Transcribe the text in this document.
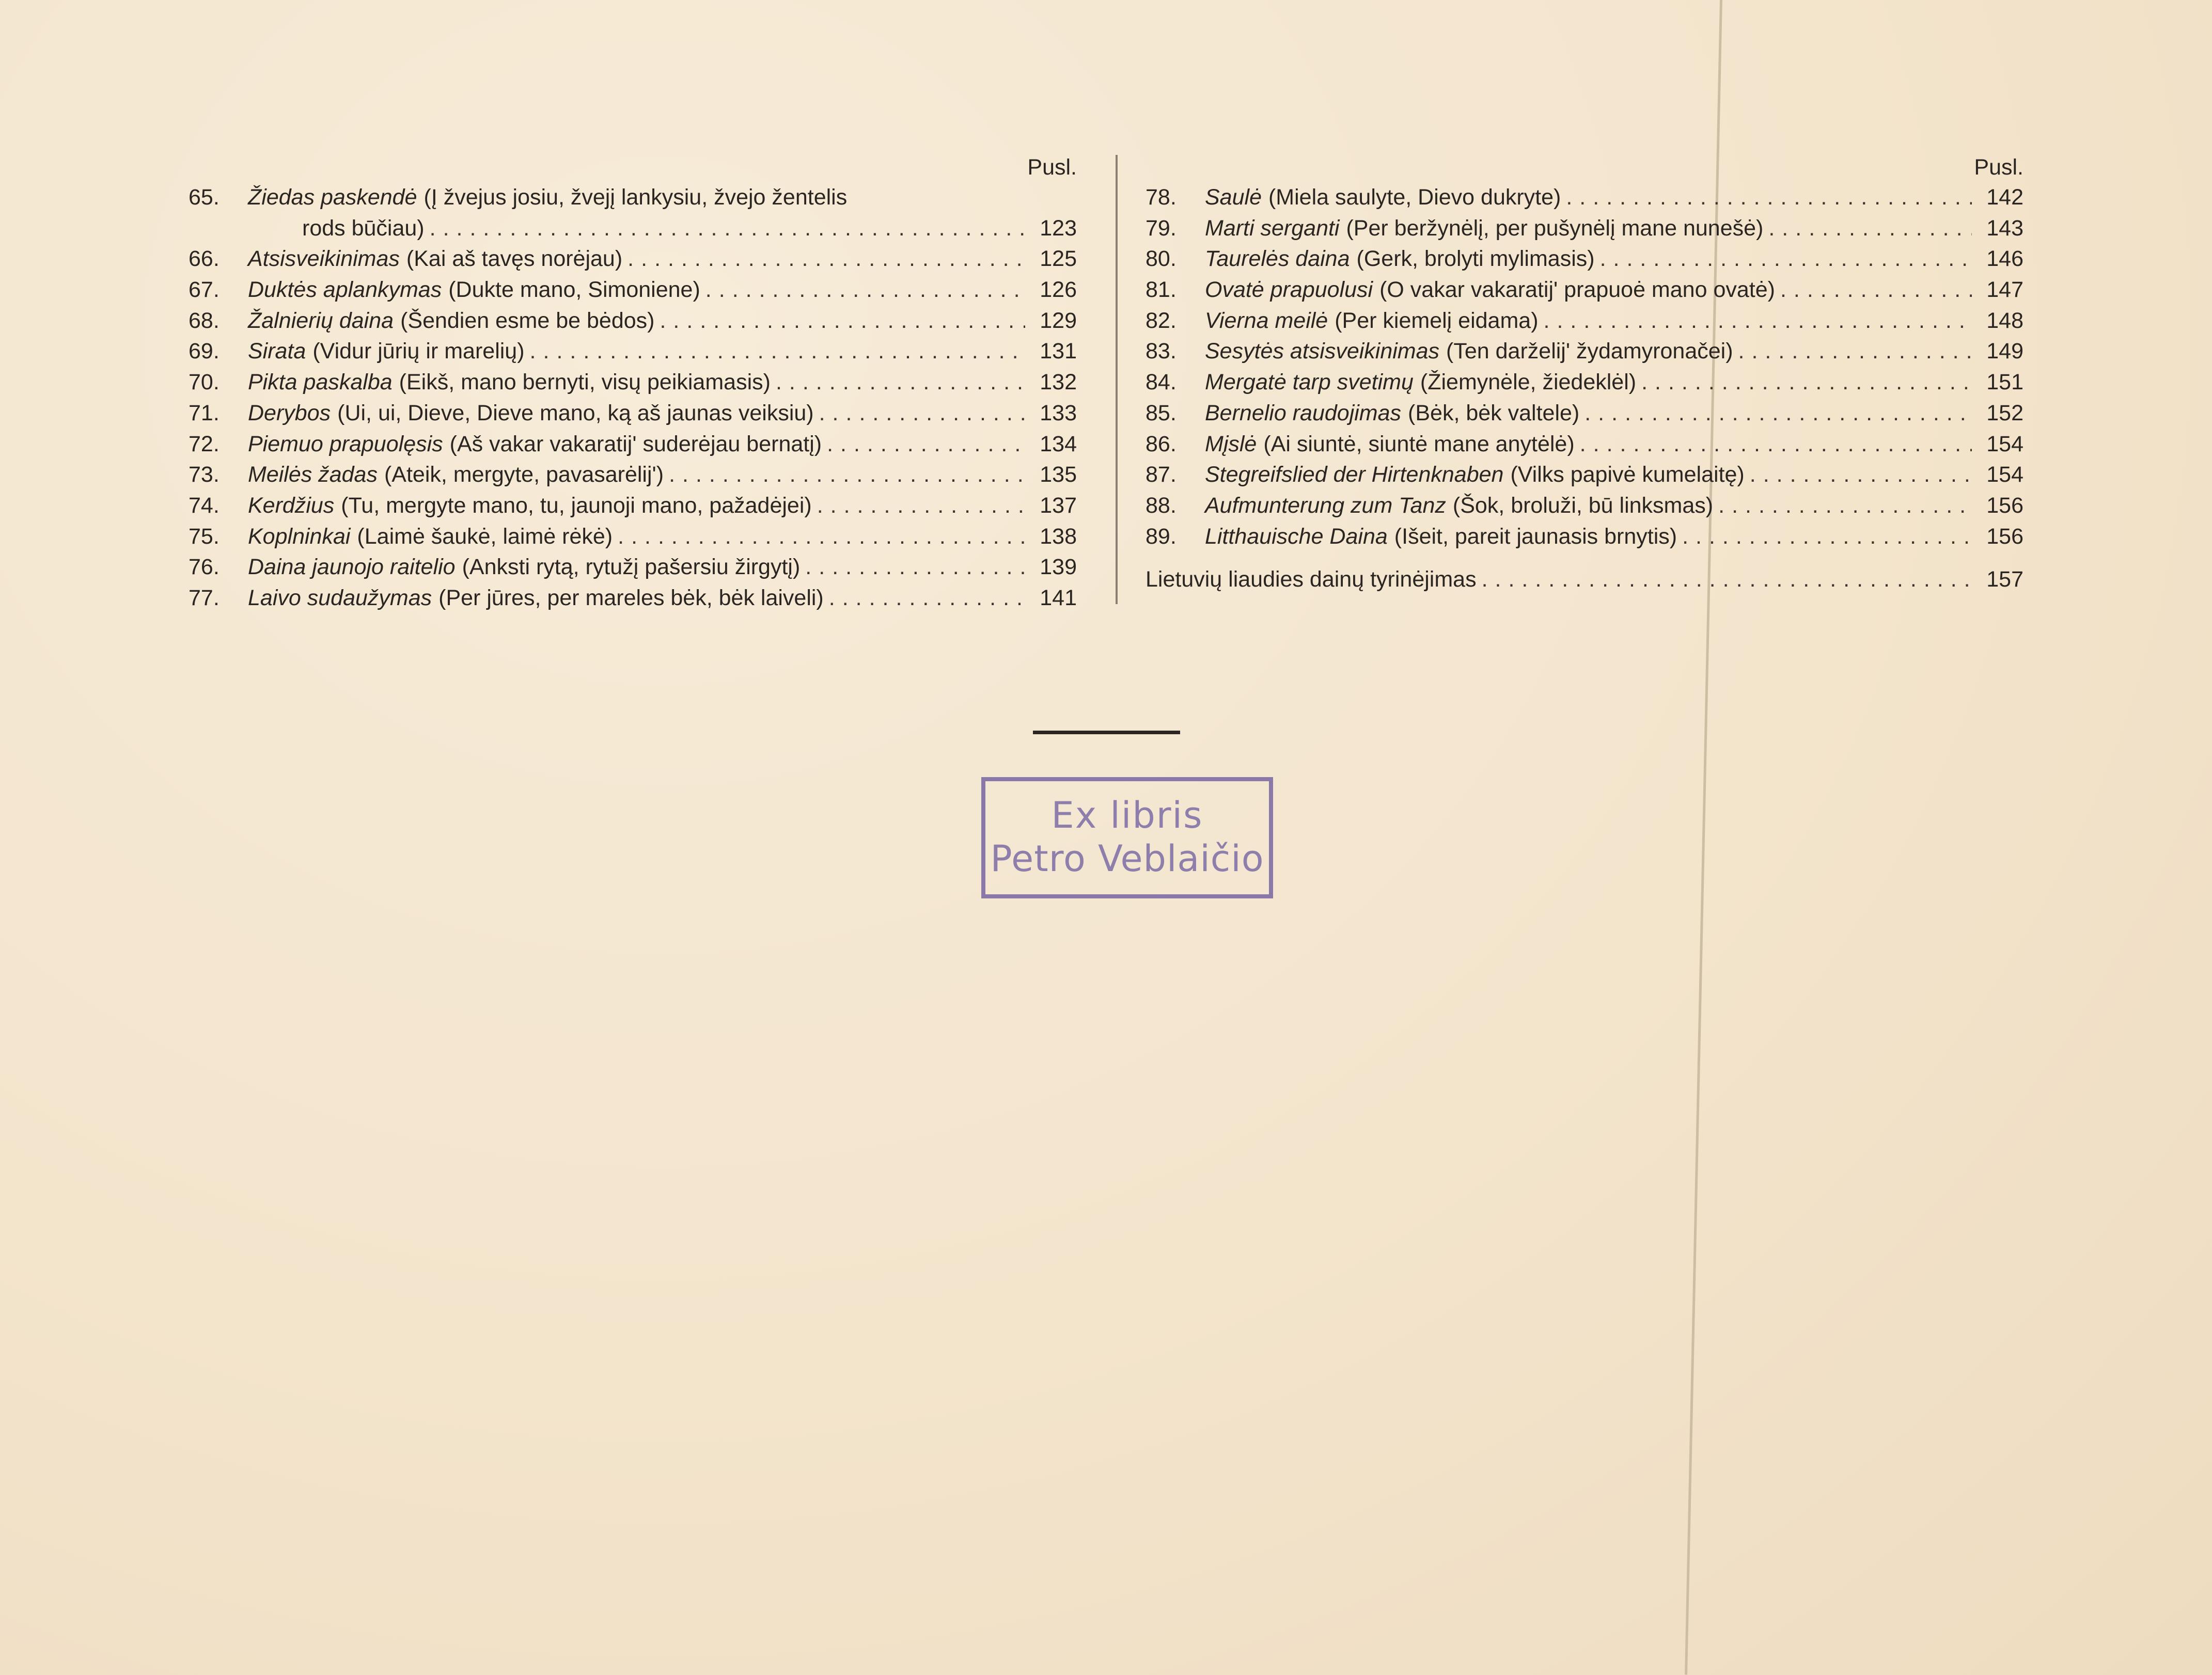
Pusl.
65.	Žiedas paskendė (Į žvejus josiu, žvejį lankysiu, žvejo žentelis
rods būčiau) .....	123
66.	Atsisveikinimas (Kai aš tavęs norėjau) .....	125
67.	Duktės aplankymas (Dukte mano, Simoniene) .....	126
68.	Žalnierių daina (Šendien esme be bėdos) .....	129
69.	Sirata (Vidur jūrių ir marelių) .....	131
70.	Pikta paskalba (Eikš, mano bernyti, visų peikiamasis) .....	132
71.	Derybos (Ui, ui, Dieve, Dieve mano, ką aš jaunas veiksiu) .....	133
72.	Piemuo prapuolęsis (Aš vakar vakaratij' suderėjau bernatį) .....	134
73.	Meilės žadas (Ateik, mergyte, pavasarėlij') .....	135
74.	Kerdžius (Tu, mergyte mano, tu, jaunoji mano, pažadėjei) .....	137
75.	Koplninkai (Laimė šaukė, laimė rėkė) .....	138
76.	Daina jaunojo raitelio (Anksti rytą, rytužį pašersiu žirgytį) .....	139
77.	Laivo sudaužymas (Per jūres, per mareles bėk, bėk laiveli) .....	141
Pusl.
78.	Saulė (Miela saulyte, Dievo dukryte) .....	142
79.	Marti serganti (Per beržynėlį, per pušynėlį mane nunešė) .....	143
80.	Taurelės daina (Gerk, brolyti mylimasis) .....	146
81.	Ovatė prapuolusi (O vakar vakaratij' prapuoė mano ovatė) .....	147
82.	Vierna meilė (Per kiemelį eidama) .....	148
83.	Sesytės atsisveikinimas (Ten darželij' žydamyronačei) .....	149
84.	Mergatė tarp svetimų (Žiemynėle, žiedeklėl) .....	151
85.	Bernelio raudojimas (Bėk, bėk valtele) .....	152
86.	Mįslė (Ai siuntė, siuntė mane anytėlė) .....	154
87.	Stegreifslied der Hirtenknaben (Vilks papivė kumelaitę) .....	154
88.	Aufmunterung zum Tanz (Šok, broluži, bū linksmas) .....	156
89.	Litthauische Daina (Išeit, pareit jaunasis brnytis) .....	156
Lietuvių liaudies dainų tyrinėjimas .....	157
Ex libris
Petro Veblaičio
